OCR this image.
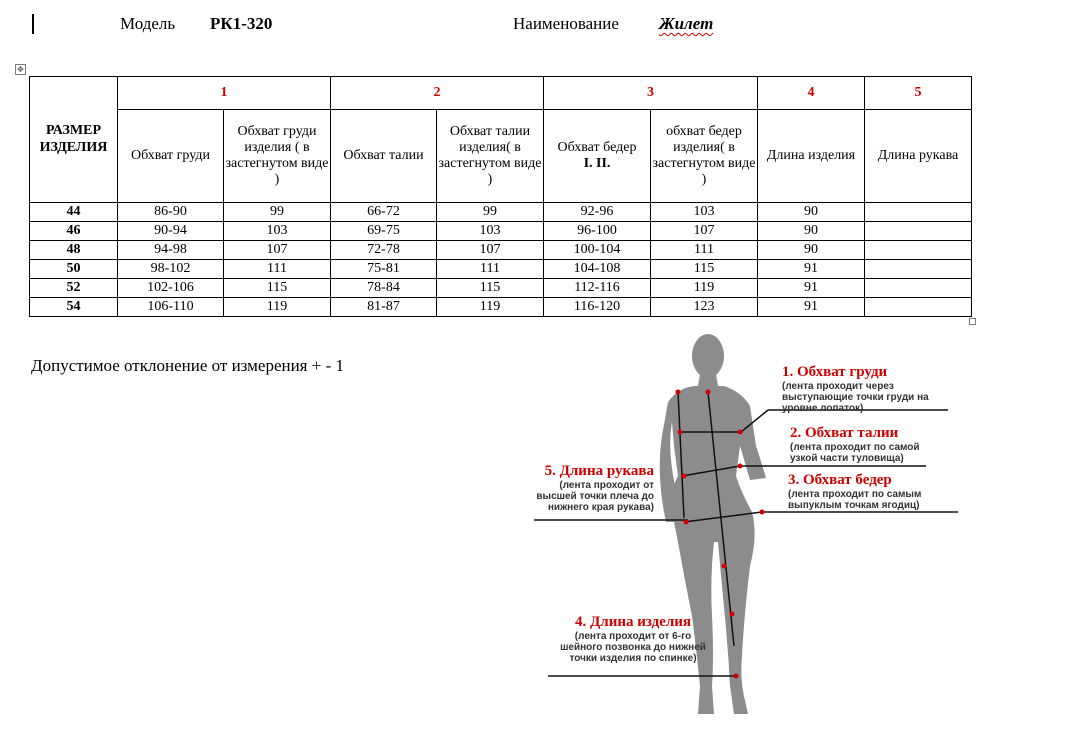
Модель РК1-320	Наименование Жилет
✥
РАЗМЕР ИЗДЕЛИЯ	1		2		3		4	5
	Обхват груди	Обхват груди изделия ( в застегнутом виде )	Обхват талии	Обхват талии изделия( в застегнутом виде )	Обхват бедер
I. II.	обхват бедер изделия( в застегнутом виде )	Длина изделия	Длина рукава
44	86-90	99	66-72	99	92-96	103	90	
46	90-94	103	69-75	103	96-100	107	90	
48	94-98	107	72-78	107	100-104	111	90	
50	98-102	111	75-81	111	104-108	115	91	
52	102-106	115	78-84	115	112-116	119	91	
54	106-110	119	81-87	119	116-120	123	91	
Допустимое отклонение от измерения + - 1	1. Обхват груди
(лента проходит через выступающие точки груди на уровне лопаток)
2. Обхват талии
(лента проходит по самой узкой части туловища)
3. Обхват бедер
(лента проходит по самым выпуклым точкам ягодиц)
5. Длина рукава
(лента проходит от высшей точки плеча до нижнего края рукава)
4. Длина изделия
(лента проходит от 6-го шейного позвонка до нижней точки изделия по спинке)
